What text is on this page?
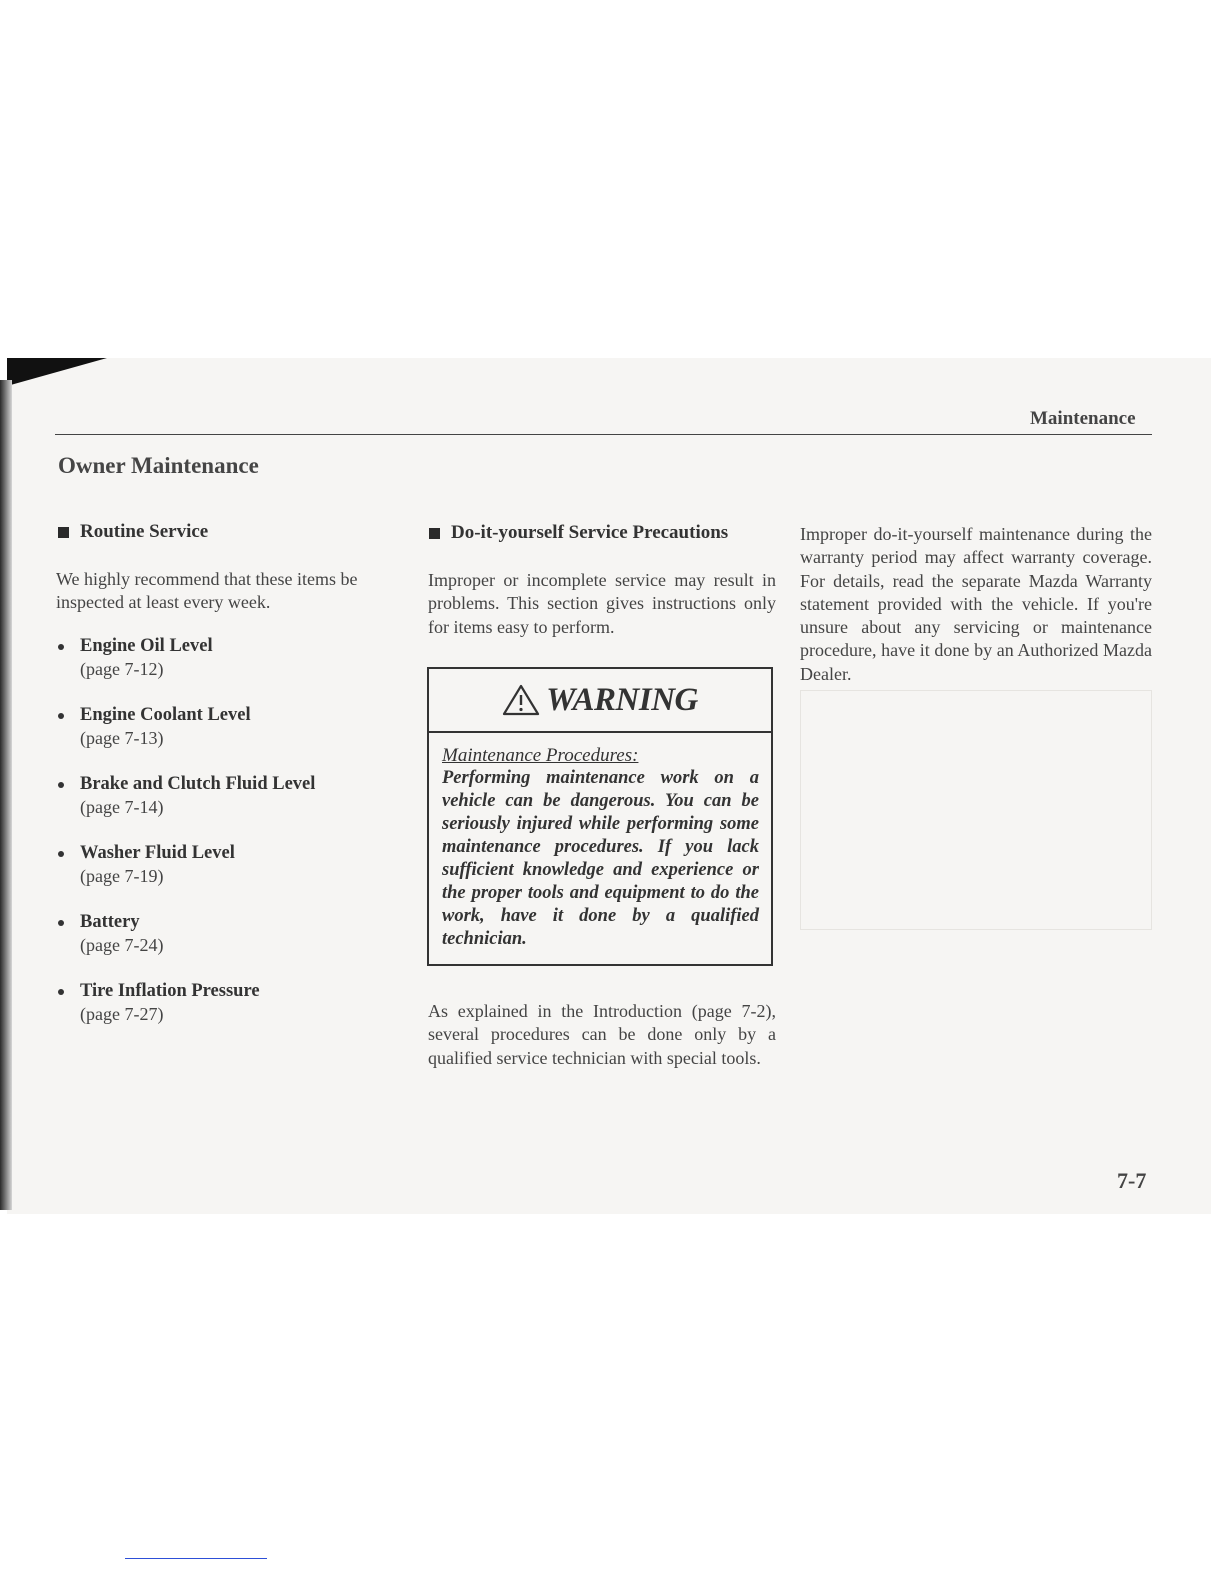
Maintenance
Owner Maintenance
Routine Service
We highly recommend that these items be inspected at least every week.
Engine Oil Level
(page 7-12)
Engine Coolant Level
(page 7-13)
Brake and Clutch Fluid Level
(page 7-14)
Washer Fluid Level
(page 7-19)
Battery
(page 7-24)
Tire Inflation Pressure
(page 7-27)
Do-it-yourself Service Precautions
Improper or incomplete service may result in problems. This section gives instructions only for items easy to perform.
WARNING
Maintenance Procedures:
Performing maintenance work on a vehicle can be dangerous. You can be seriously injured while performing some maintenance procedures. If you lack sufficient knowledge and experience or the proper tools and equipment to do the work, have it done by a qualified technician.
As explained in the Introduction (page 7-2), several procedures can be done only by a qualified service technician with special tools.
Improper do-it-yourself maintenance during the warranty period may affect warranty coverage. For details, read the separate Mazda Warranty statement provided with the vehicle. If you're unsure about any servicing or maintenance procedure, have it done by an Authorized Mazda Dealer.
7-7
